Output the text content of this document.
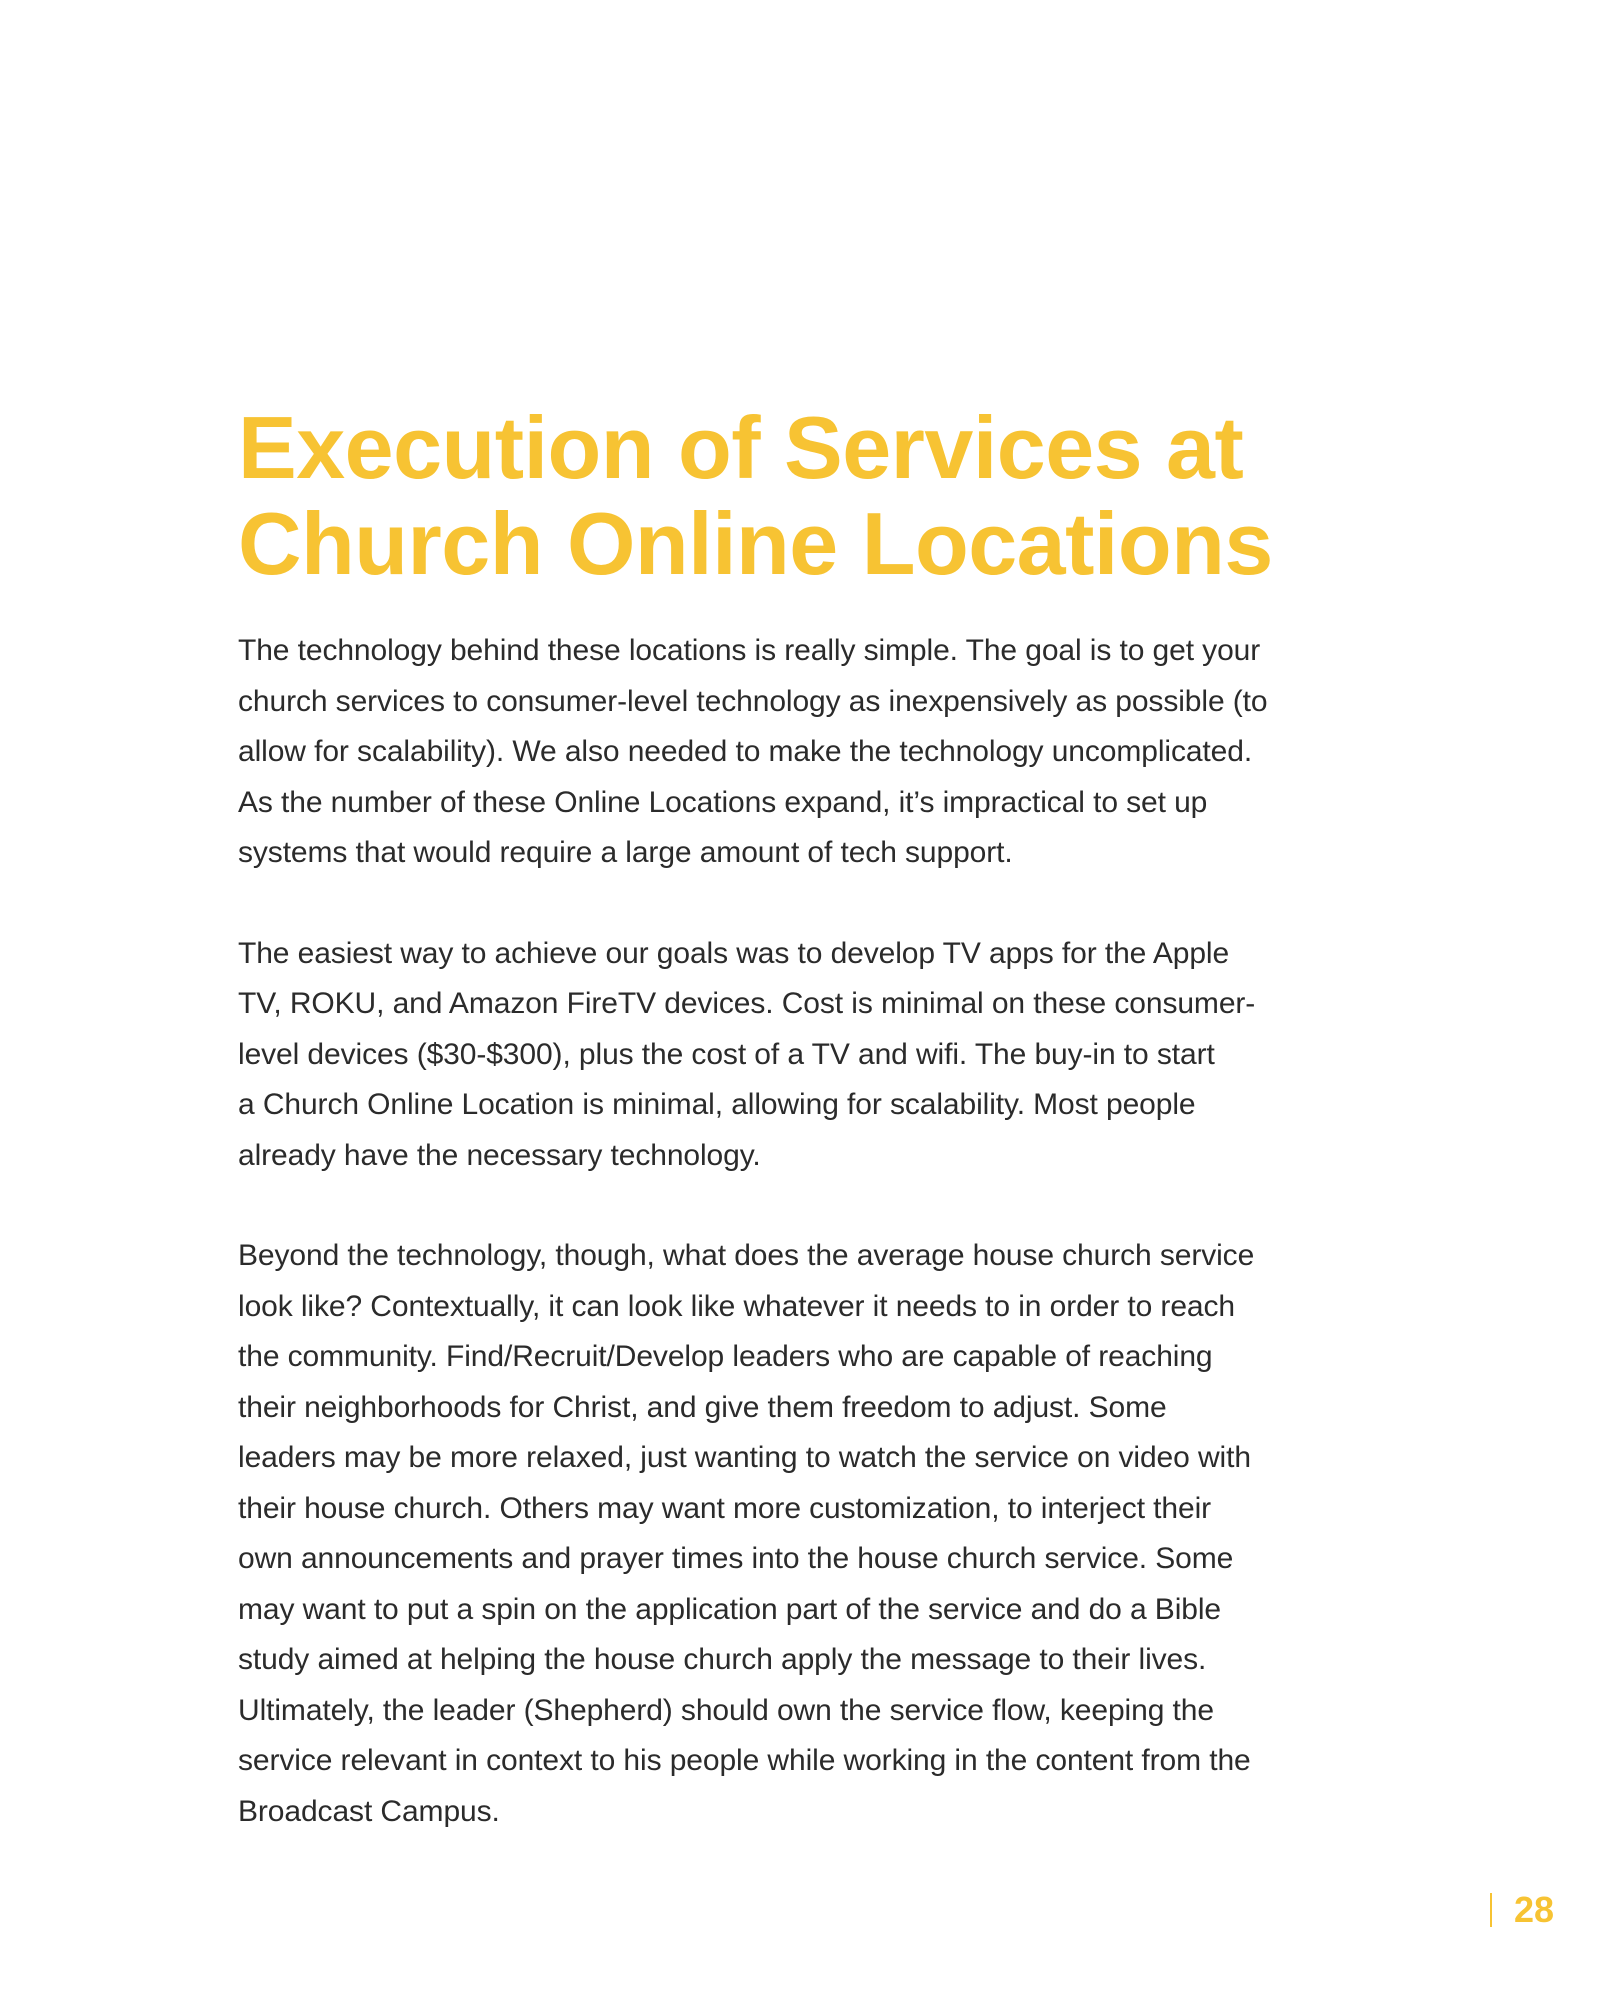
Execution of Services at
Church Online Locations

The technology behind these locations is really simple. The goal is to get your
church services to consumer-level technology as inexpensively as possible (to
allow for scalability). We also needed to make the technology uncomplicated.
As the number of these Online Locations expand, it’s impractical to set up
systems that would require a large amount of tech support.

The easiest way to achieve our goals was to develop TV apps for the Apple
TV, ROKU, and Amazon FireTV devices. Cost is minimal on these consumer-
level devices ($30-$300), plus the cost of a TV and wifi. The buy-in to start
a Church Online Location is minimal, allowing for scalability. Most people
already have the necessary technology.

Beyond the technology, though, what does the average house church service
look like? Contextually, it can look like whatever it needs to in order to reach
the community. Find/Recruit/Develop leaders who are capable of reaching
their neighborhoods for Christ, and give them freedom to adjust. Some
leaders may be more relaxed, just wanting to watch the service on video with
their house church. Others may want more customization, to interject their
own announcements and prayer times into the house church service. Some
may want to put a spin on the application part of the service and do a Bible
study aimed at helping the house church apply the message to their lives.
Ultimately, the leader (Shepherd) should own the service flow, keeping the
service relevant in context to his people while working in the content from the
Broadcast Campus.

28
